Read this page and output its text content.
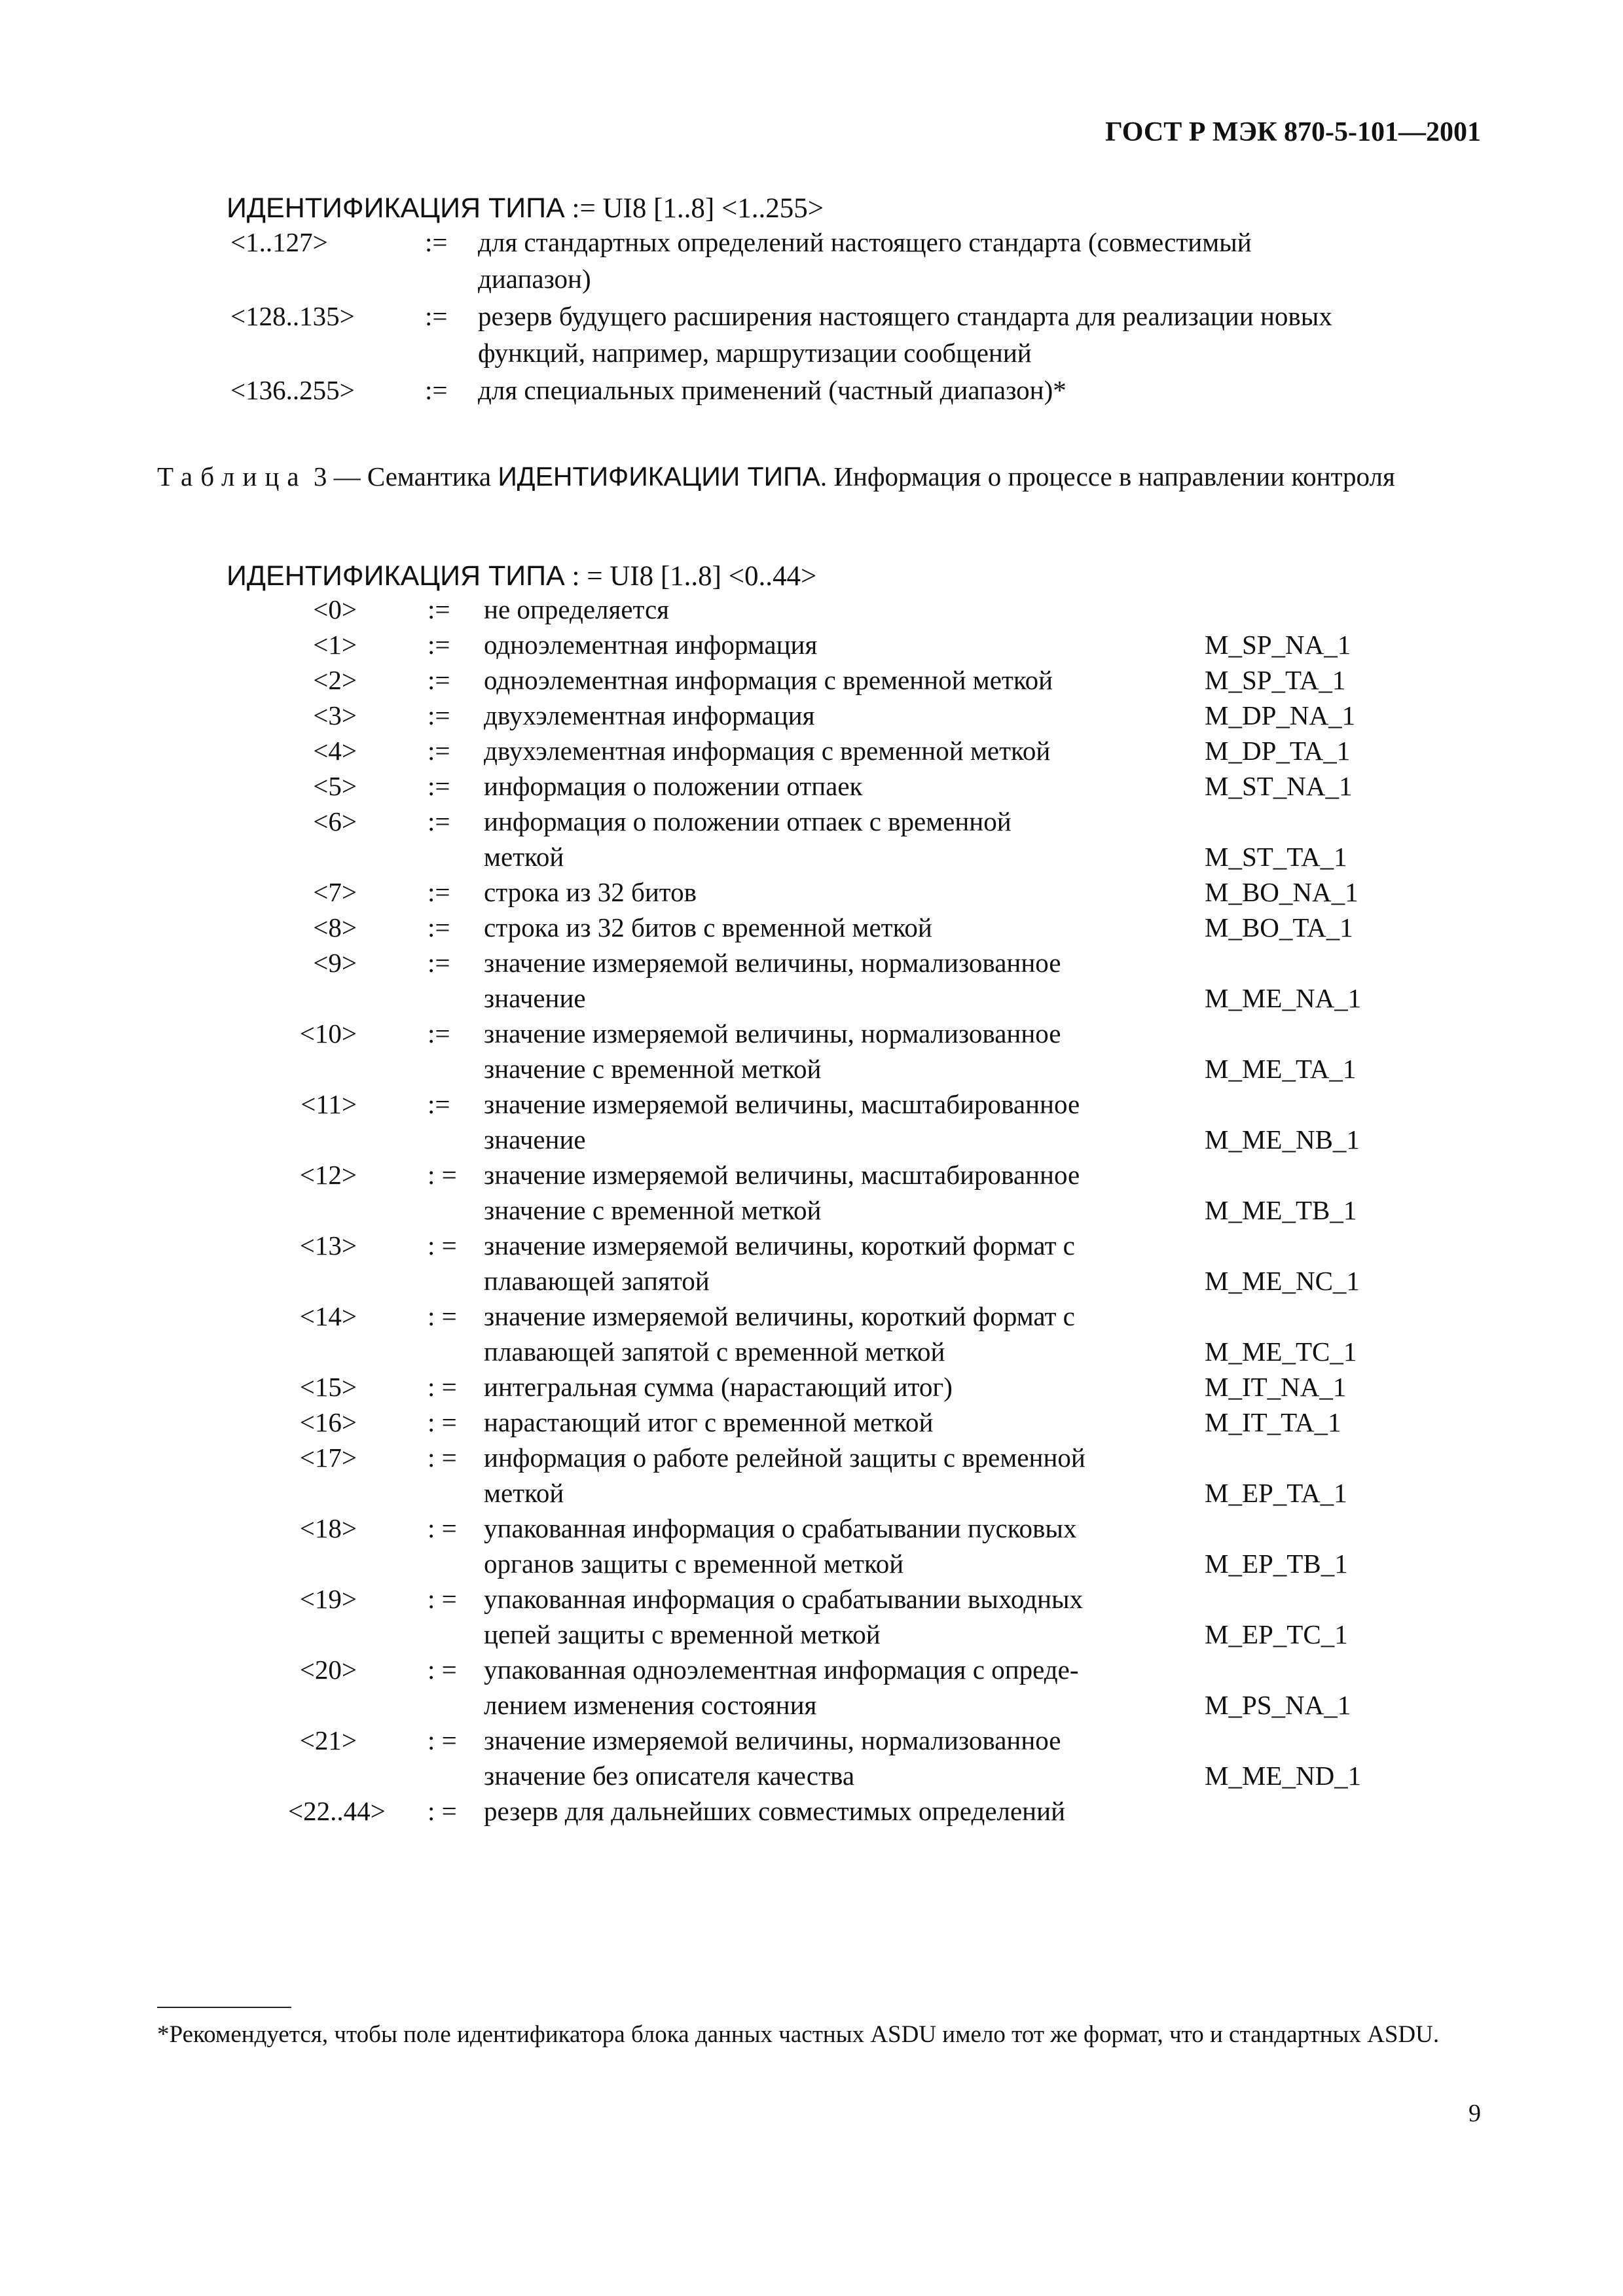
ГОСТ Р МЭК 870-5-101—2001
ИДЕНТИФИКАЦИЯ ТИПА := UI8 [1..8] <1..255>
<1..127>	:=	для стандартных определений настоящего стандарта (совместимый
диапазон)
<128..135>	:=	резерв будущего расширения настоящего стандарта для реализации новых
функций, например, маршрутизации сообщений
<136..255>	:=	для специальных применений (частный диапазон)*
Таблица 3 — Семантика ИДЕНТИФИКАЦИИ ТИПА. Информация о процессе в направлении контроля
ИДЕНТИФИКАЦИЯ ТИПА : = UI8 [1..8] <0..44>
<0>	:=	не определяется
<1>	:=	одноэлементная информация	M_SP_NA_1
<2>	:=	одноэлементная информация с временной меткой	M_SP_TA_1
<3>	:=	двухэлементная информация	M_DP_NA_1
<4>	:=	двухэлементная информация с временной меткой	M_DP_TA_1
<5>	:=	информация о положении отпаек	M_ST_NA_1
<6>	:=	информация о положении отпаек с временной
меткой	M_ST_TA_1
<7>	:=	строка из 32 битов	M_BO_NA_1
<8>	:=	строка из 32 битов с временной меткой	M_BO_TA_1
<9>	:=	значение измеряемой величины, нормализованное
значение	M_ME_NA_1
<10>	:=	значение измеряемой величины, нормализованное
значение с временной меткой	M_ME_TA_1
<11>	:=	значение измеряемой величины, масштабированное
значение	M_ME_NB_1
<12>	: =	значение измеряемой величины, масштабированное
значение с временной меткой	M_ME_TB_1
<13>	: =	значение измеряемой величины, короткий формат с
плавающей запятой	M_ME_NC_1
<14>	: =	значение измеряемой величины, короткий формат с
плавающей запятой с временной меткой	M_ME_TC_1
<15>	: =	интегральная сумма (нарастающий итог)	M_IT_NA_1
<16>	: =	нарастающий итог с временной меткой	M_IT_TA_1
<17>	: =	информация о работе релейной защиты с временной
меткой	M_EP_TA_1
<18>	: =	упакованная информация о срабатывании пусковых
органов защиты с временной меткой	M_EP_TB_1
<19>	: =	упакованная информация о срабатывании выходных
цепей защиты с временной меткой	M_EP_TC_1
<20>	: =	упакованная одноэлементная информация с опреде-
лением изменения состояния	M_PS_NA_1
<21>	: =	значение измеряемой величины, нормализованное
значение без описателя качества	M_ME_ND_1
<22..44>	: =	резерв для дальнейших совместимых определений
*Рекомендуется, чтобы поле идентификатора блока данных частных ASDU имело тот же формат, что и стандартных ASDU.
9
